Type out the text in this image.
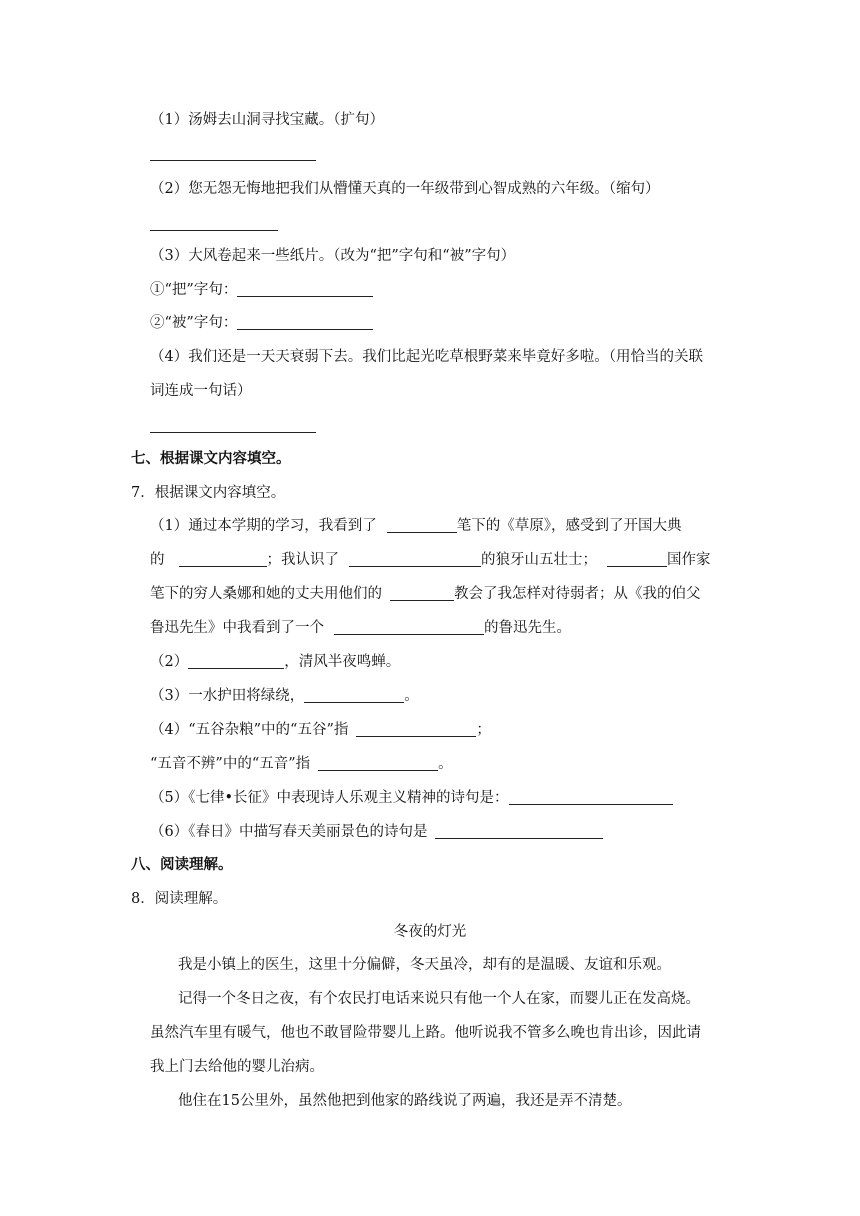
（1）汤姆去山洞寻找宝藏。（扩句）
（2）您无怨无悔地把我们从懵懂天真的一年级带到心智成熟的六年级。（缩句）
（3）大风卷起来一些纸片。（改为“把”字句和“被”字句）
①“把”字句：
②“被”字句：
（4）我们还是一天天衰弱下去。我们比起光吃草根野菜来毕竟好多啦。（用恰当的关联
词连成一句话）
七、根据课文内容填空。
7．根据课文内容填空。
（1）通过本学期的学习，我看到了	笔下的《草原》，感受到了开国大典
的	；我认识了	的狼牙山五壮士；	国作家
笔下的穷人桑娜和她的丈夫用他们的	教会了我怎样对待弱者；从《我的伯父
鲁迅先生》中我看到了一个	的鲁迅先生。
（2）	，清风半夜鸣蝉。
（3）一水护田将绿绕，	。
（4）“五谷杂粮”中的“五谷”指	；
“五音不辨”中的“五音”指	。
（5）《七律•长征》中表现诗人乐观主义精神的诗句是：
（6）《春日》中描写春天美丽景色的诗句是
八、阅读理解。
8．阅读理解。
冬夜的灯光
我是小镇上的医生，这里十分偏僻，冬天虽冷，却有的是温暖、友谊和乐观。
记得一个冬日之夜，有个农民打电话来说只有他一个人在家，而婴儿正在发高烧。
虽然汽车里有暖气，他也不敢冒险带婴儿上路。他听说我不管多么晚也肯出诊，因此请
我上门去给他的婴儿治病。
他住在15公里外，虽然他把到他家的路线说了两遍，我还是弄不清楚。
